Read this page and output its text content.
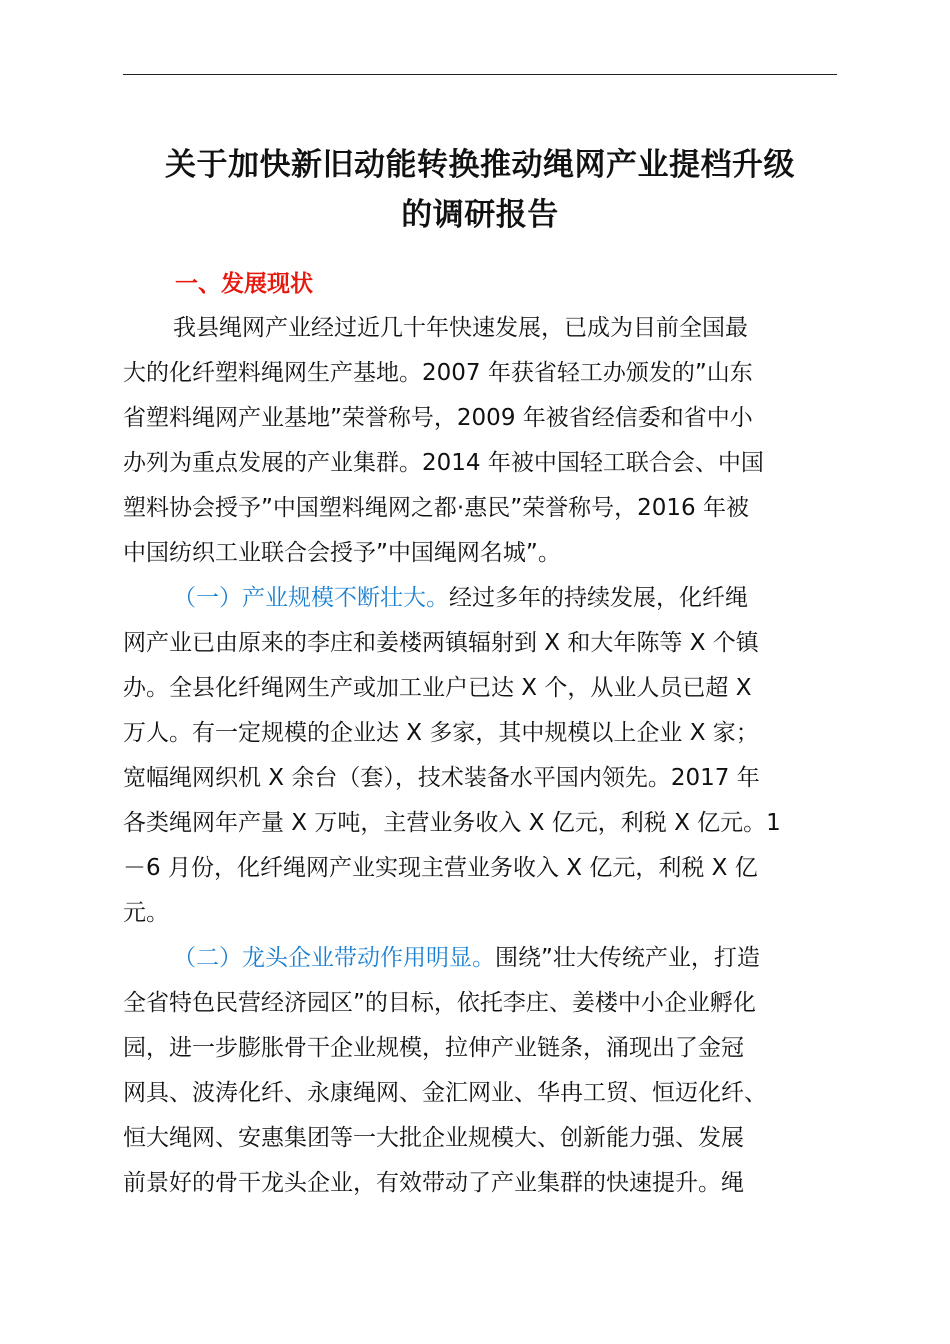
关于加快新旧动能转换推动绳网产业提档升级
的调研报告
一、发展现状

我县绳网产业经过近几十年快速发展，已成为目前全国最

大的化纤塑料绳网生产基地。2007 年获省轻工办颁发的”山东

省塑料绳网产业基地”荣誉称号，2009 年被省经信委和省中小

办列为重点发展的产业集群。2014 年被中国轻工联合会、中国

塑料协会授予”中国塑料绳网之都·惠民”荣誉称号，2016 年被

中国纺织工业联合会授予”中国绳网名城”。

（一）产业规模不断壮大。经过多年的持续发展，化纤绳

网产业已由原来的李庄和姜楼两镇辐射到 X 和大年陈等 X 个镇

办。全县化纤绳网生产或加工业户已达 X 个，从业人员已超 X

万人。有一定规模的企业达 X 多家，其中规模以上企业 X 家；

宽幅绳网织机 X 余台（套），技术装备水平国内领先。2017 年

各类绳网年产量 X 万吨，主营业务收入 X 亿元，利税 X 亿元。1

－6 月份，化纤绳网产业实现主营业务收入 X 亿元，利税 X 亿

元。

（二）龙头企业带动作用明显。围绕”壮大传统产业，打造

全省特色民营经济园区”的目标，依托李庄、姜楼中小企业孵化

园，进一步膨胀骨干企业规模，拉伸产业链条，涌现出了金冠

网具、波涛化纤、永康绳网、金汇网业、华冉工贸、恒迈化纤、

恒大绳网、安惠集团等一大批企业规模大、创新能力强、发展

前景好的骨干龙头企业，有效带动了产业集群的快速提升。绳
